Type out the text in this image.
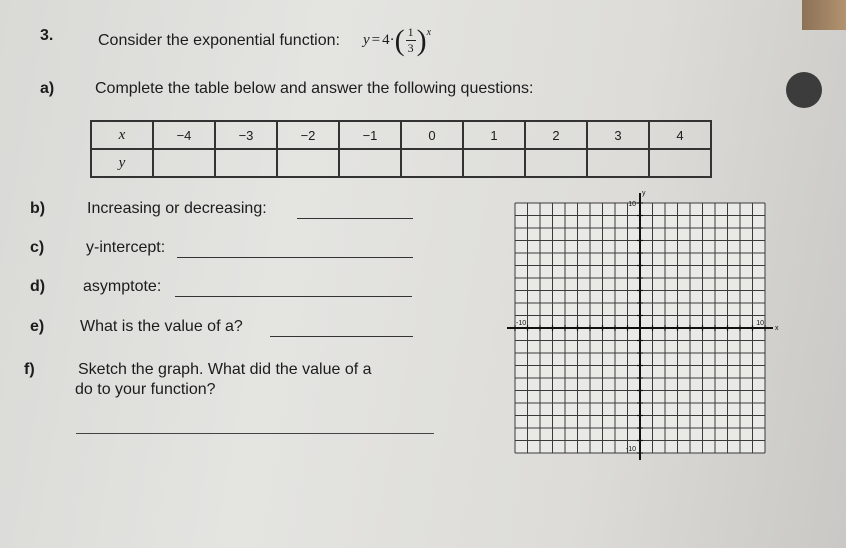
3.	Consider the exponential function: y = 4 · ( $\frac{1}{3}$ ) x
a)	Complete the table below and answer the following questions:
x	−4	−3	−2	−1	0	1	2	3	4
y									
b)	Increasing or decreasing:
c)	y-intercept:
d) asymptote:
e) What is the value of a?
f)	Sketch the graph. What did the value of a
do to your function?
y
x
10
-10
-10	10
